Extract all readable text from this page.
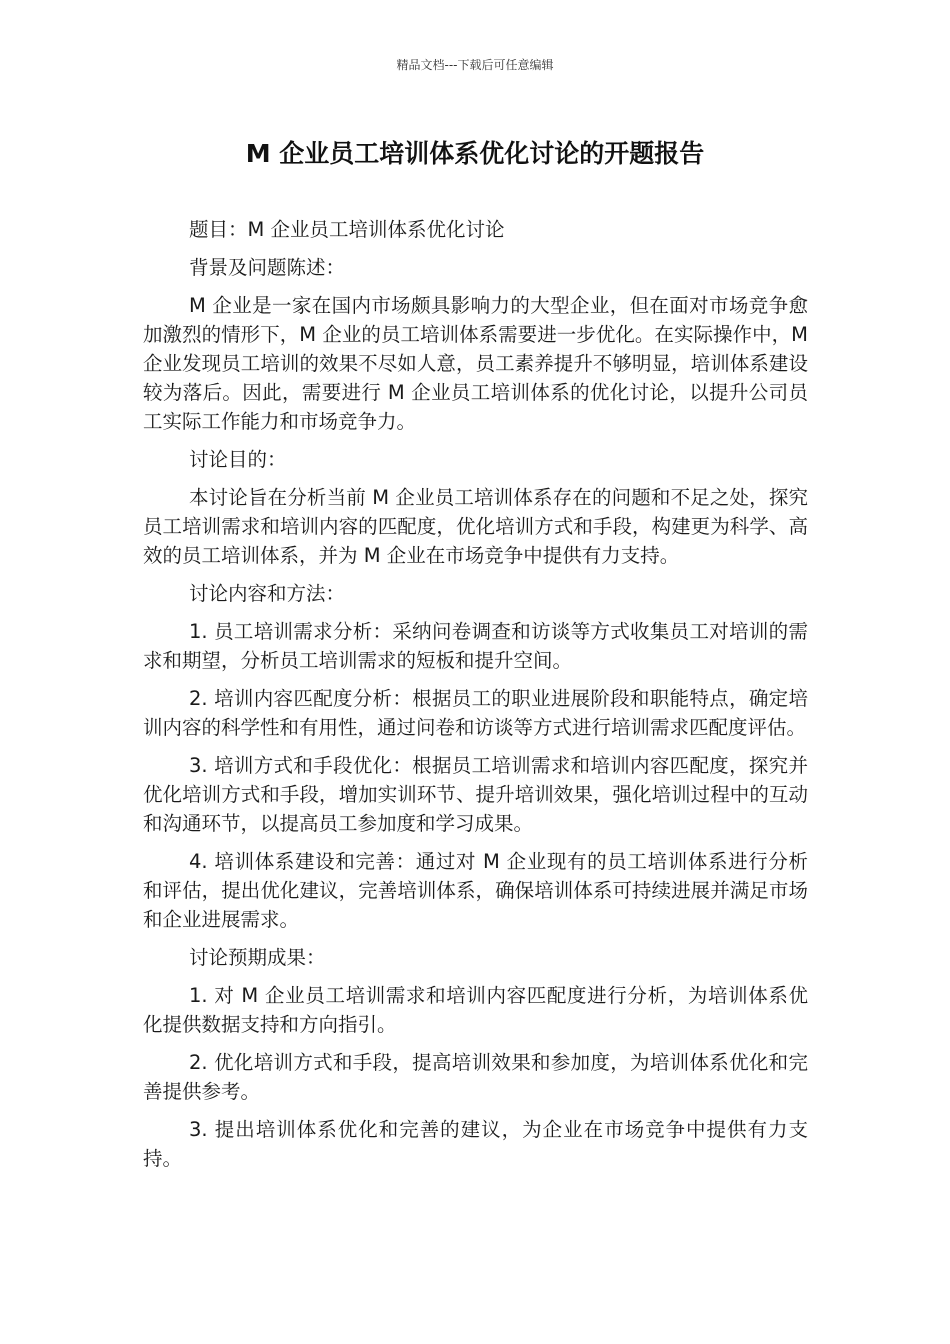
精品文档---下载后可任意编辑
M 企业员工培训体系优化讨论的开题报告

题目：M 企业员工培训体系优化讨论

背景及问题陈述：

M 企业是一家在国内市场颇具影响力的大型企业，但在面对市场竞争愈加激烈的情形下，M 企业的员工培训体系需要进一步优化。在实际操作中，M 企业发现员工培训的效果不尽如人意，员工素养提升不够明显，培训体系建设较为落后。因此，需要进行 M 企业员工培训体系的优化讨论，以提升公司员工实际工作能力和市场竞争力。

讨论目的：

本讨论旨在分析当前 M 企业员工培训体系存在的问题和不足之处，探究员工培训需求和培训内容的匹配度，优化培训方式和手段，构建更为科学、高效的员工培训体系，并为 M 企业在市场竞争中提供有力支持。

讨论内容和方法：

1. 员工培训需求分析：采纳问卷调查和访谈等方式收集员工对培训的需求和期望，分析员工培训需求的短板和提升空间。

2. 培训内容匹配度分析：根据员工的职业进展阶段和职能特点，确定培训内容的科学性和有用性，通过问卷和访谈等方式进行培训需求匹配度评估。

3. 培训方式和手段优化：根据员工培训需求和培训内容匹配度，探究并优化培训方式和手段，增加实训环节、提升培训效果，强化培训过程中的互动和沟通环节，以提高员工参加度和学习成果。

4. 培训体系建设和完善：通过对 M 企业现有的员工培训体系进行分析和评估，提出优化建议，完善培训体系，确保培训体系可持续进展并满足市场和企业进展需求。

讨论预期成果：

1. 对 M 企业员工培训需求和培训内容匹配度进行分析，为培训体系优化提供数据支持和方向指引。

2. 优化培训方式和手段，提高培训效果和参加度，为培训体系优化和完善提供参考。

3. 提出培训体系优化和完善的建议，为企业在市场竞争中提供有力支持。
